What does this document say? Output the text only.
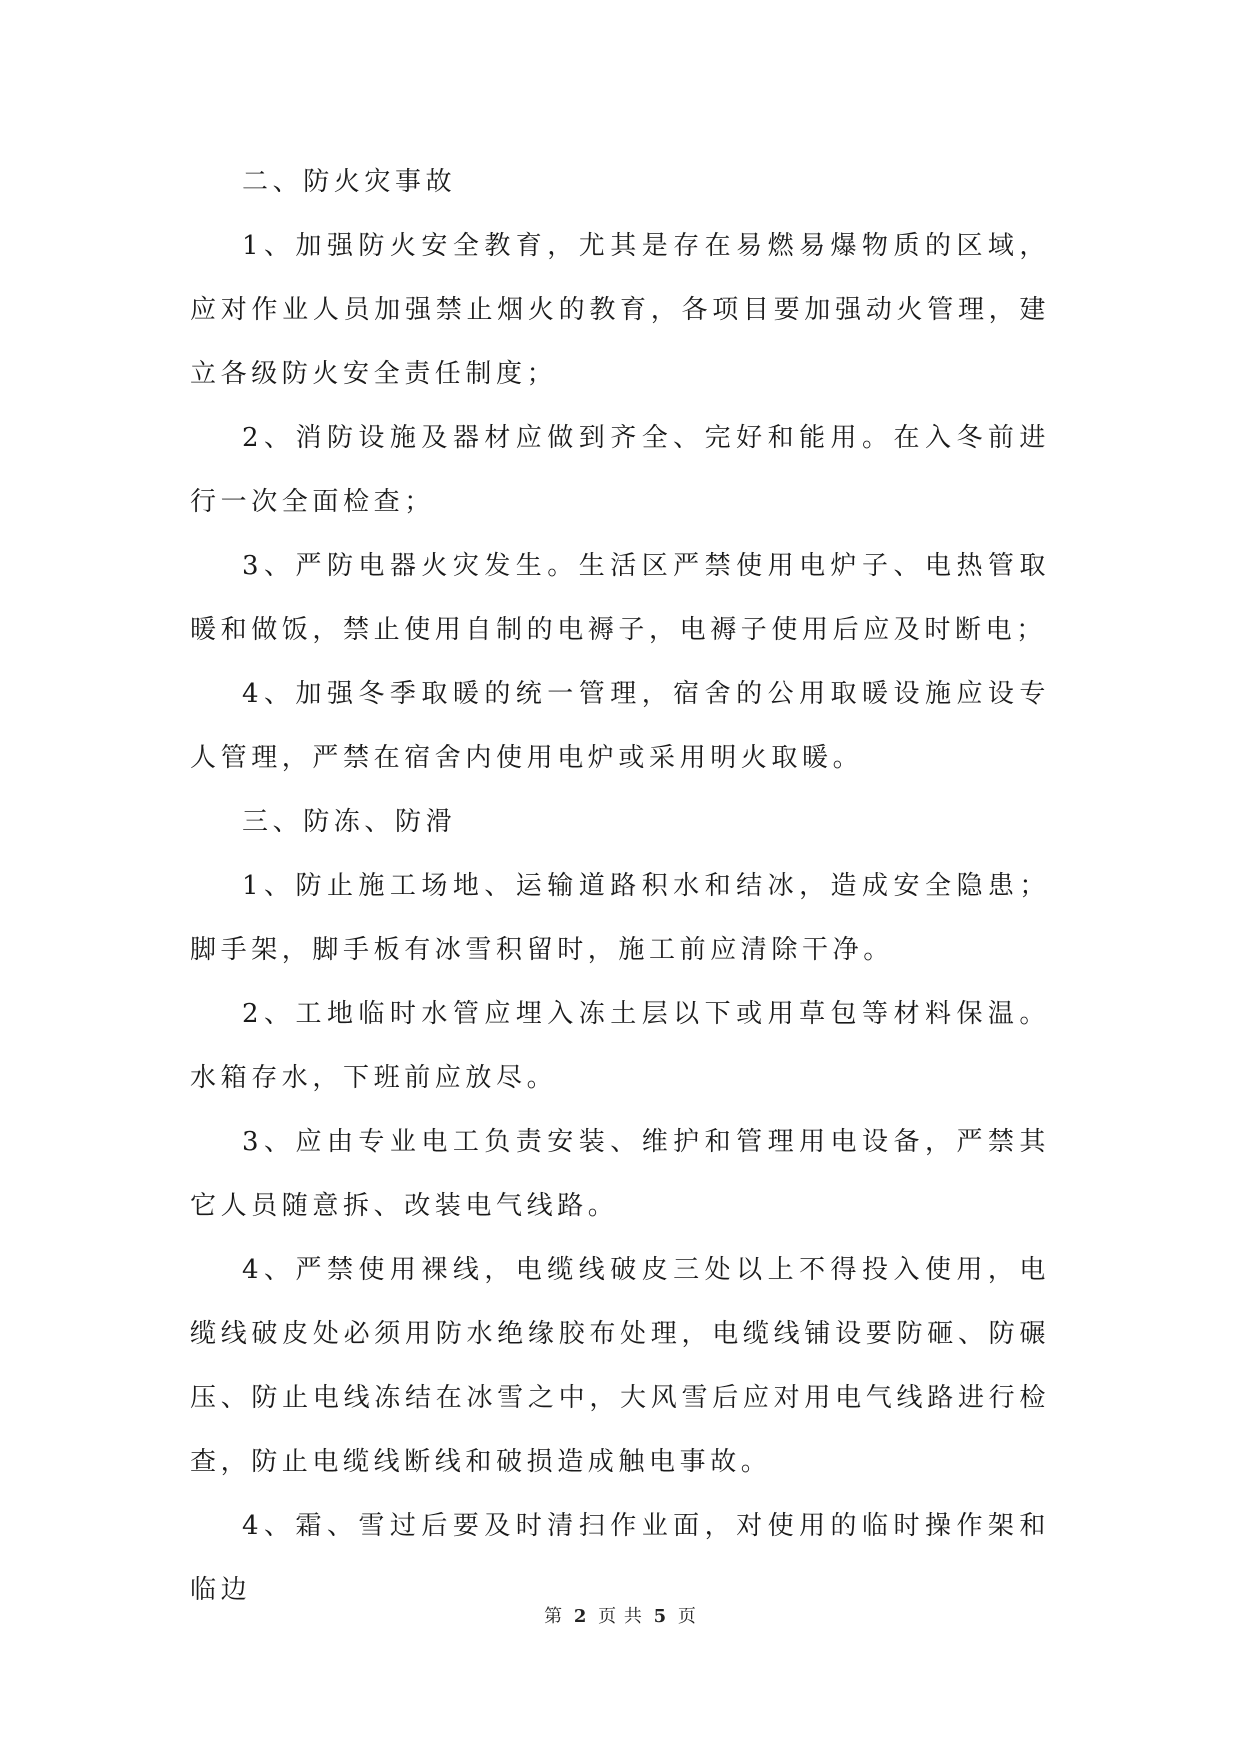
二、防火灾事故

1、加强防火安全教育，尤其是存在易燃易爆物质的区域，应对作业人员加强禁止烟火的教育，各项目要加强动火管理，建立各级防火安全责任制度；

2、消防设施及器材应做到齐全、完好和能用。在入冬前进行一次全面检查；

3、严防电器火灾发生。生活区严禁使用电炉子、电热管取暖和做饭，禁止使用自制的电褥子，电褥子使用后应及时断电；

4、加强冬季取暖的统一管理，宿舍的公用取暖设施应设专人管理，严禁在宿舍内使用电炉或采用明火取暖。

三、防冻、防滑

1、防止施工场地、运输道路积水和结冰，造成安全隐患；脚手架，脚手板有冰雪积留时，施工前应清除干净。

2、工地临时水管应埋入冻土层以下或用草包等材料保温。水箱存水，下班前应放尽。

3、应由专业电工负责安装、维护和管理用电设备，严禁其它人员随意拆、改装电气线路。

4、严禁使用裸线，电缆线破皮三处以上不得投入使用，电缆线破皮处必须用防水绝缘胶布处理，电缆线铺设要防砸、防碾压、防止电线冻结在冰雪之中，大风雪后应对用电气线路进行检查，防止电缆线断线和破损造成触电事故。

4、霜、雪过后要及时清扫作业面，对使用的临时操作架和临边

第 2 页 共 5 页
